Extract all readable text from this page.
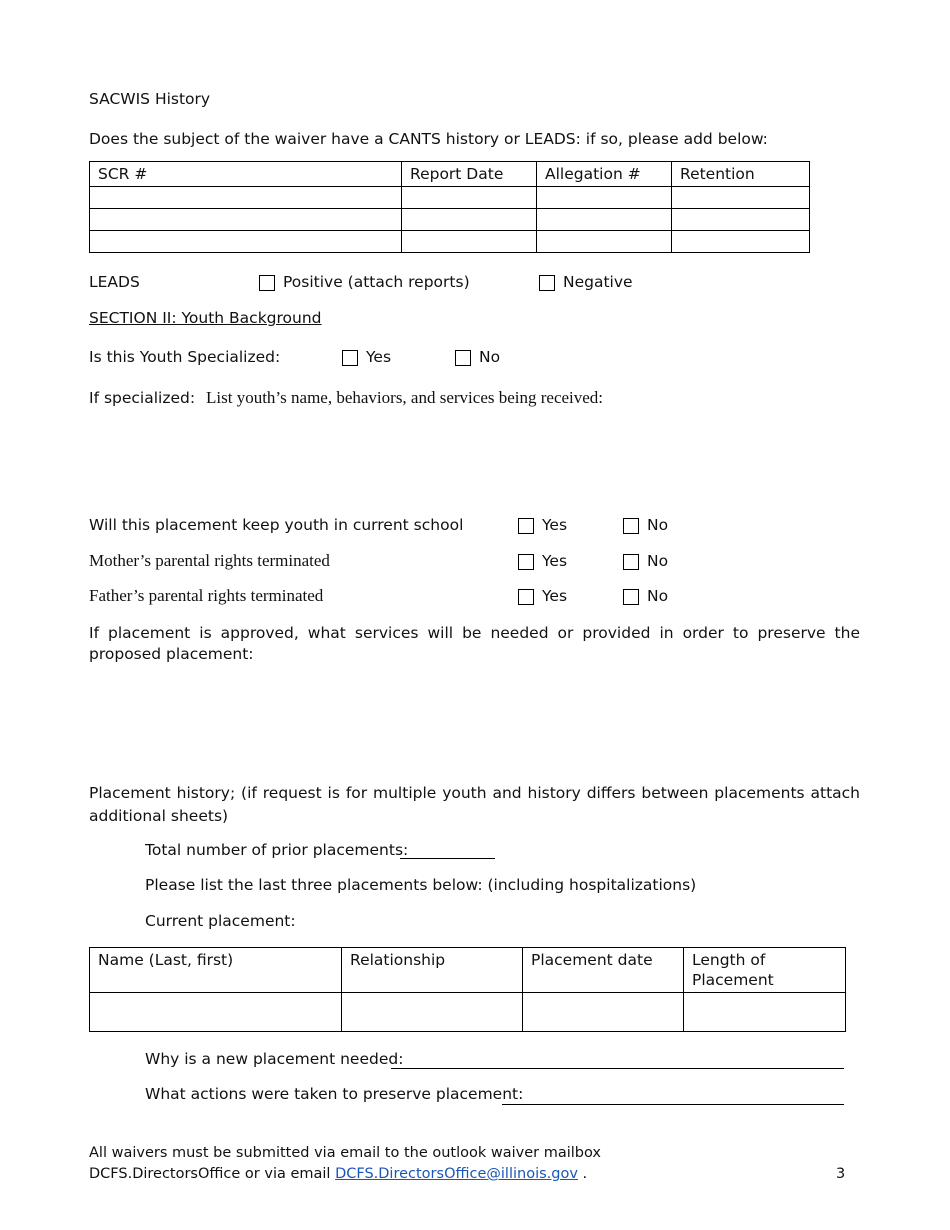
SACWIS History
Does the subject of the waiver have a CANTS history or LEADS: if so, please add below:
SCR #	Report Date	Allegation #	Retention

LEADS	Positive (attach reports)	Negative
SECTION II: Youth Background
Is this Youth Specialized:	Yes	No
If specialized: List youth’s name, behaviors, and services being received:
Will this placement keep youth in current school	Yes	No
Mother’s parental rights terminated	Yes	No
Father’s parental rights terminated	Yes	No
If placement is approved, what services will be needed or provided in order to preserve the proposed placement:
Placement history; (if request is for multiple youth and history differs between placements attach additional sheets)
Total number of prior placements:
Please list the last three placements below: (including hospitalizations)
Current placement:
Name (Last, first)	Relationship	Placement date	Length of Placement

Why is a new placement needed:
What actions were taken to preserve placement:
All waivers must be submitted via email to the outlook waiver mailbox
DCFS.DirectorsOffice or via email DCFS.DirectorsOffice@illinois.gov .	3
